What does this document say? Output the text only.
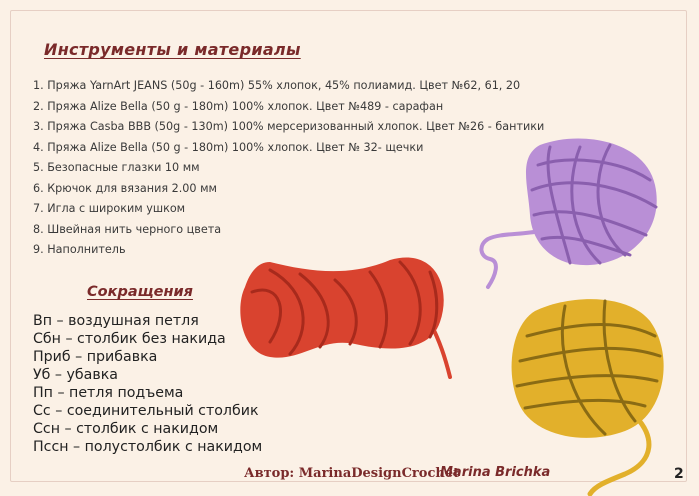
Инструменты и материалы
1. Пряжа YarnArt JEANS (50g - 160m) 55% хлопок, 45% полиамид. Цвет №62, 61, 20
2. Пряжа Alize Bella (50 g - 180m) 100% хлопок. Цвет №489 - сарафан
3. Пряжа Casba BBB (50g - 130m) 100% мерсеризованный хлопок. Цвет №26 - бантики
4. Пряжа Alize Bella (50 g - 180m) 100% хлопок. Цвет № 32- щечки
5. Безопасные глазки 10 мм
6. Крючок для вязания 2.00 мм
7. Игла с широким ушком
8. Швейная нить черного цвета
9. Наполнитель
Сокращения
Вп – воздушная петля
Сбн – столбик без накида
Приб – прибавка
Уб – убавка
Пп – петля подъема
Сс – соединительный столбик
Ссн – столбик с накидом
Пссн – полустолбик с накидом
Автор: MarinaDesignCrochet
Marina Brichka	2
